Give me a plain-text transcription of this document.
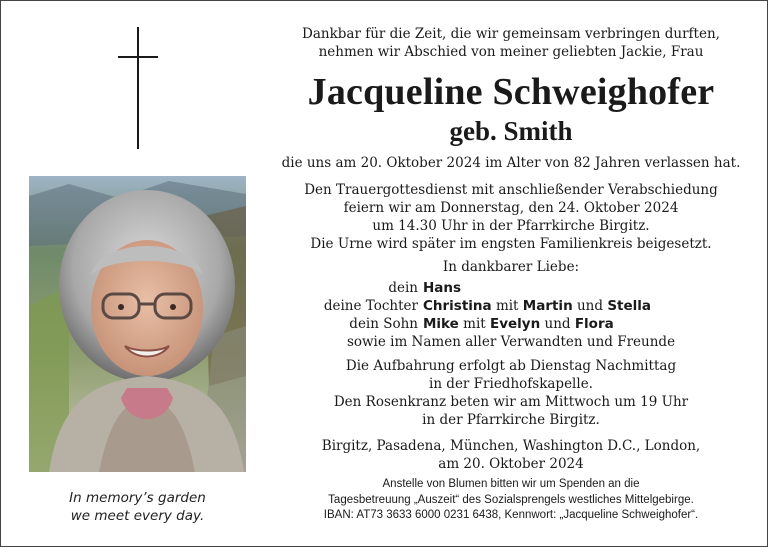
In memory’s garden
we meet every day.
Dankbar für die Zeit, die wir gemeinsam verbringen durften,
nehmen wir Abschied von meiner geliebten Jackie, Frau
Jacqueline Schweighofer
geb. Smith
die uns am 20. Oktober 2024 im Alter von 82 Jahren verlassen hat.
Den Trauergottesdienst mit anschließender Verabschiedung
feiern wir am Donnerstag, den 24. Oktober 2024
um 14.30 Uhr in der Pfarrkirche Birgitz.
Die Urne wird später im engsten Familienkreis beigesetzt.
In dankbarer Liebe:
dein Hans
deine Tochter Christina mit Martin und Stella
dein Sohn Mike mit Evelyn und Flora
sowie im Namen aller Verwandten und Freunde
Die Aufbahrung erfolgt ab Dienstag Nachmittag
in der Friedhofskapelle.
Den Rosenkranz beten wir am Mittwoch um 19 Uhr
in der Pfarrkirche Birgitz.
Birgitz, Pasadena, München, Washington D.C., London,
am 20. Oktober 2024
Anstelle von Blumen bitten wir um Spenden an die
Tagesbetreuung „Auszeit“ des Sozialsprengels westliches Mittelgebirge.
IBAN: AT73 3633 6000 0231 6438, Kennwort: „Jacqueline Schweighofer“.
